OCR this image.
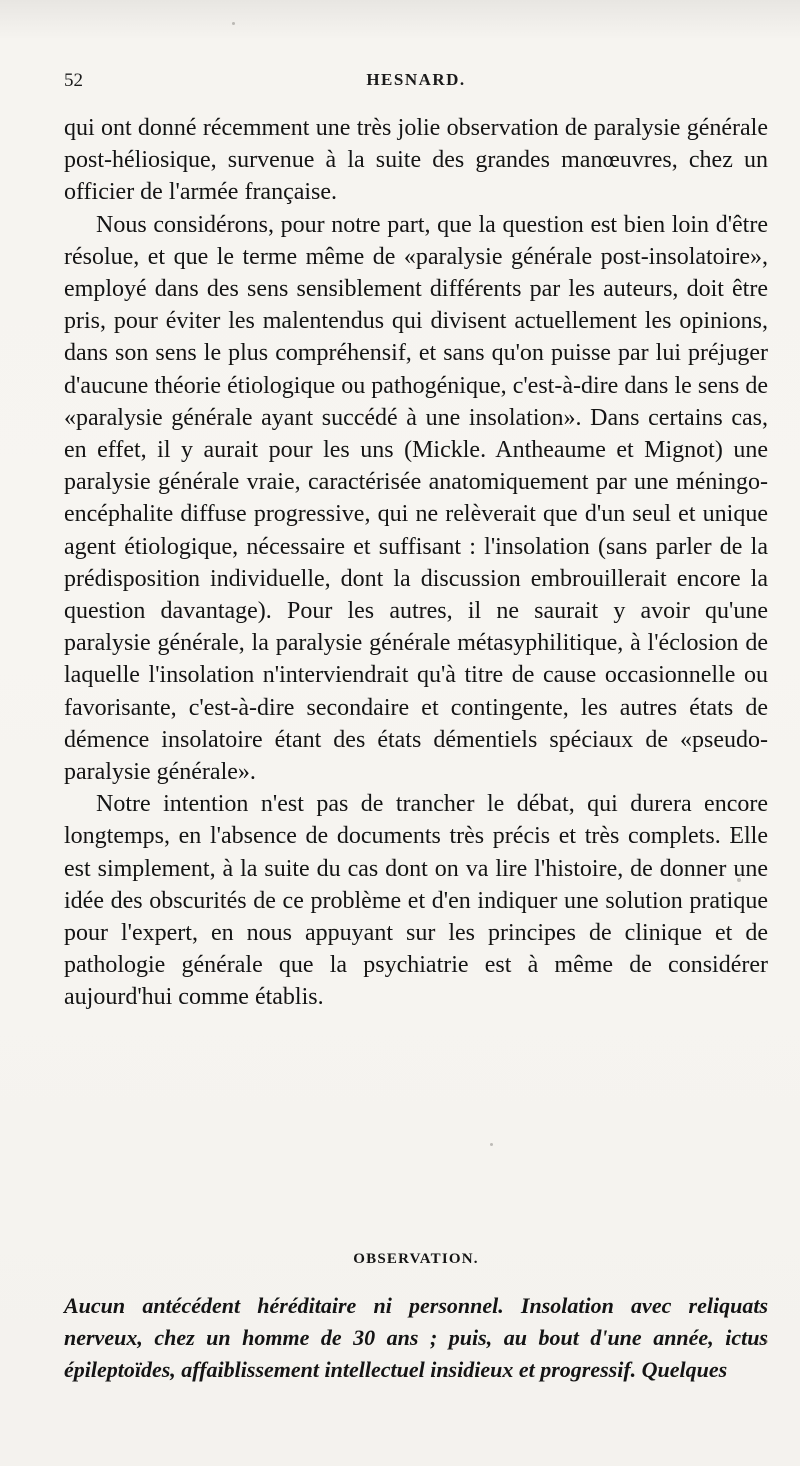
52	HESNARD.

qui ont donné récemment une très jolie observation de paralysie générale post-héliosique, survenue à la suite des grandes manœuvres, chez un officier de l'armée française.

Nous considérons, pour notre part, que la question est bien loin d'être résolue, et que le terme même de «paralysie générale post-insolatoire», employé dans des sens sensiblement différents par les auteurs, doit être pris, pour éviter les malentendus qui divisent actuellement les opinions, dans son sens le plus compréhensif, et sans qu'on puisse par lui préjuger d'aucune théorie étiologique ou pathogénique, c'est-à-dire dans le sens de «paralysie générale ayant succédé à une insolation». Dans certains cas, en effet, il y aurait pour les uns (Mickle. Antheaume et Mignot) une paralysie générale vraie, caractérisée anatomiquement par une méningo-encéphalite diffuse progressive, qui ne relèverait que d'un seul et unique agent étiologique, nécessaire et suffisant : l'insolation (sans parler de la prédisposition individuelle, dont la discussion embrouillerait encore la question davantage). Pour les autres, il ne saurait y avoir qu'une paralysie générale, la paralysie générale métasyphilitique, à l'éclosion de laquelle l'insolation n'interviendrait qu'à titre de cause occasionnelle ou favorisante, c'est-à-dire secondaire et contingente, les autres états de démence insolatoire étant des états démentiels spéciaux de «pseudo-paralysie générale».

Notre intention n'est pas de trancher le débat, qui durera encore longtemps, en l'absence de documents très précis et très complets. Elle est simplement, à la suite du cas dont on va lire l'histoire, de donner une idée des obscurités de ce problème et d'en indiquer une solution pratique pour l'expert, en nous appuyant sur les principes de clinique et de pathologie générale que la psychiatrie est à même de considérer aujourd'hui comme établis.

OBSERVATION.
Aucun antécédent héréditaire ni personnel. Insolation avec reliquats nerveux, chez un homme de 30 ans ; puis, au bout d'une année, ictus épileptoïdes, affaiblissement intellectuel insidieux et progressif. Quelques
